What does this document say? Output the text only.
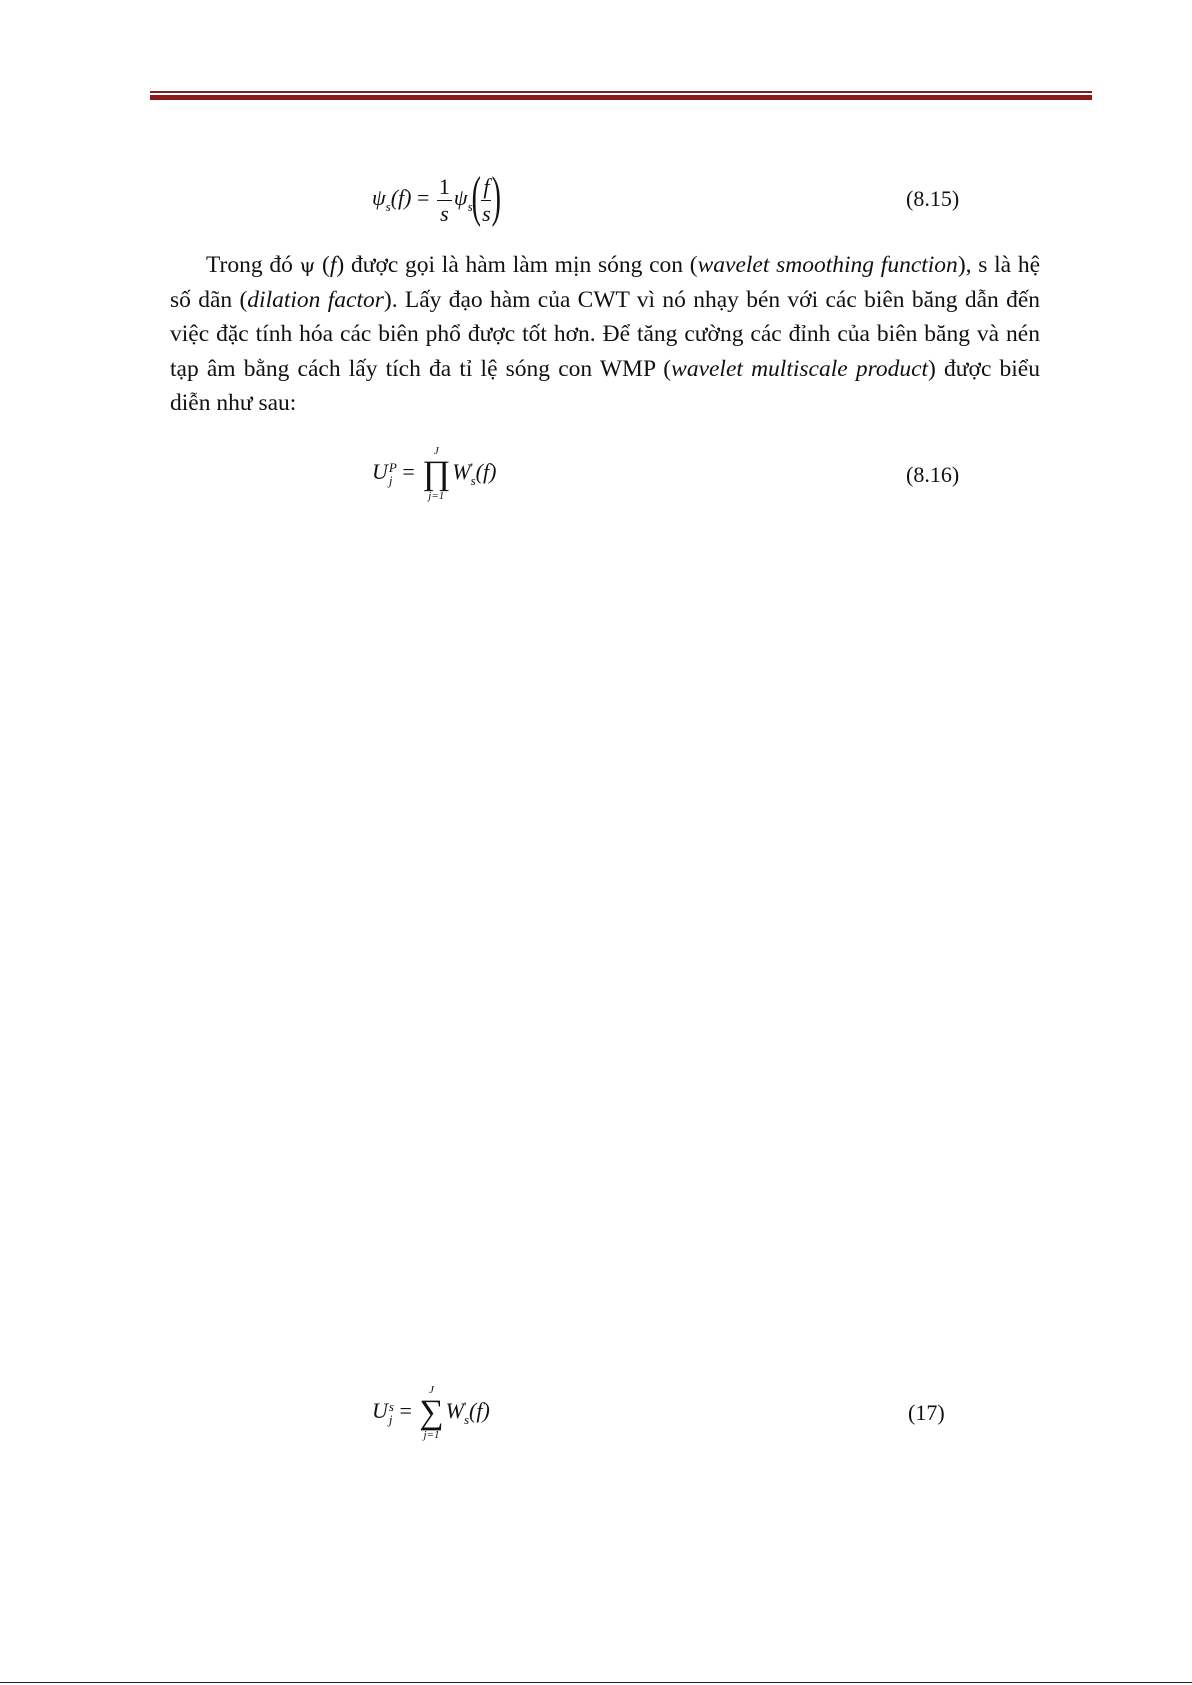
$\psi_s(f) = \frac{1}{s} \psi_s( \frac{f}{s}$ )	(8.15)

Trong đó ψ (f) được gọi là hàm làm mịn sóng con (wavelet smoothing function), s là hệ số dãn (dilation factor). Lấy đạo hàm của CWT vì nó nhạy bén với các biên băng dẫn đến việc đặc tính hóa các biên phổ được tốt hơn. Để tăng cường các đỉnh của biên băng và nén tạp âm bằng cách lấy tích đa tỉ lệ sóng con WMP (wavelet multiscale product) được biểu diễn như sau:

U P
j =
J
∏
j=1
W '
s (f)	(8.16)
U s
j =
J
∑
j=1
W '
s (f)	(17)
